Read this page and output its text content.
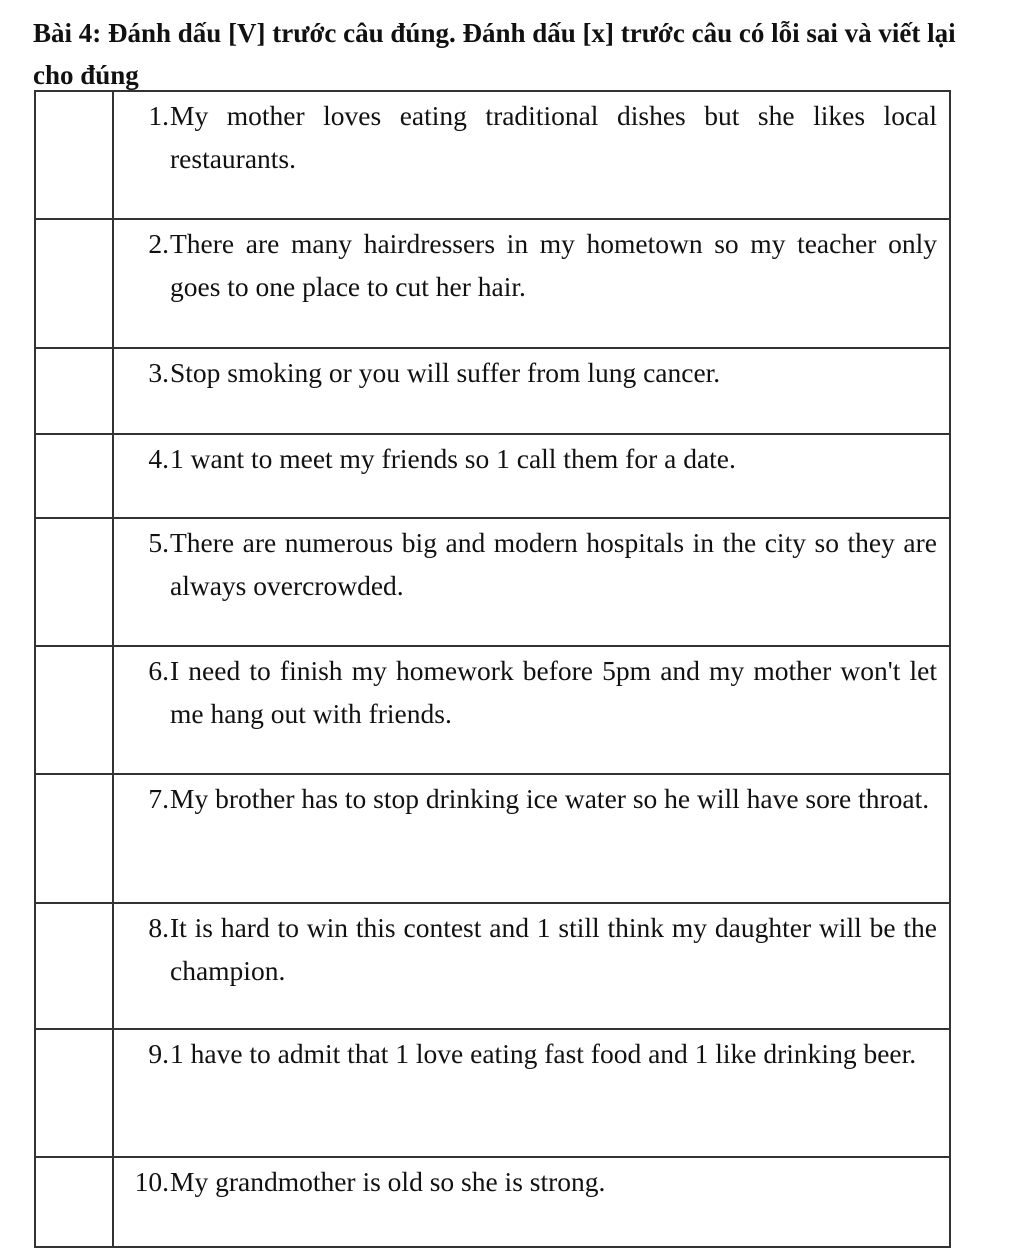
Bài 4: Đánh dấu [V] trước câu đúng. Đánh dấu [x] trước câu có lỗi sai và viết lại cho đúng

	1. My mother loves eating traditional dishes but she likes local restaurants.

	2. There are many hairdressers in my hometown so my teacher only goes to one place to cut her hair.

	3. Stop smoking or you will suffer from lung cancer.

	4. 1 want to meet my friends so 1 call them for a date.

	5. There are numerous big and modern hospitals in the city so they are always overcrowded.

	6. I need to finish my homework before 5pm and my mother won't let me hang out with friends.

	7. My brother has to stop drinking ice water so he will have sore throat.

	8. It is hard to win this contest and 1 still think my daughter will be the champion.

	9. 1 have to admit that 1 love eating fast food and 1 like drinking beer.

	10. My grandmother is old so she is strong.
